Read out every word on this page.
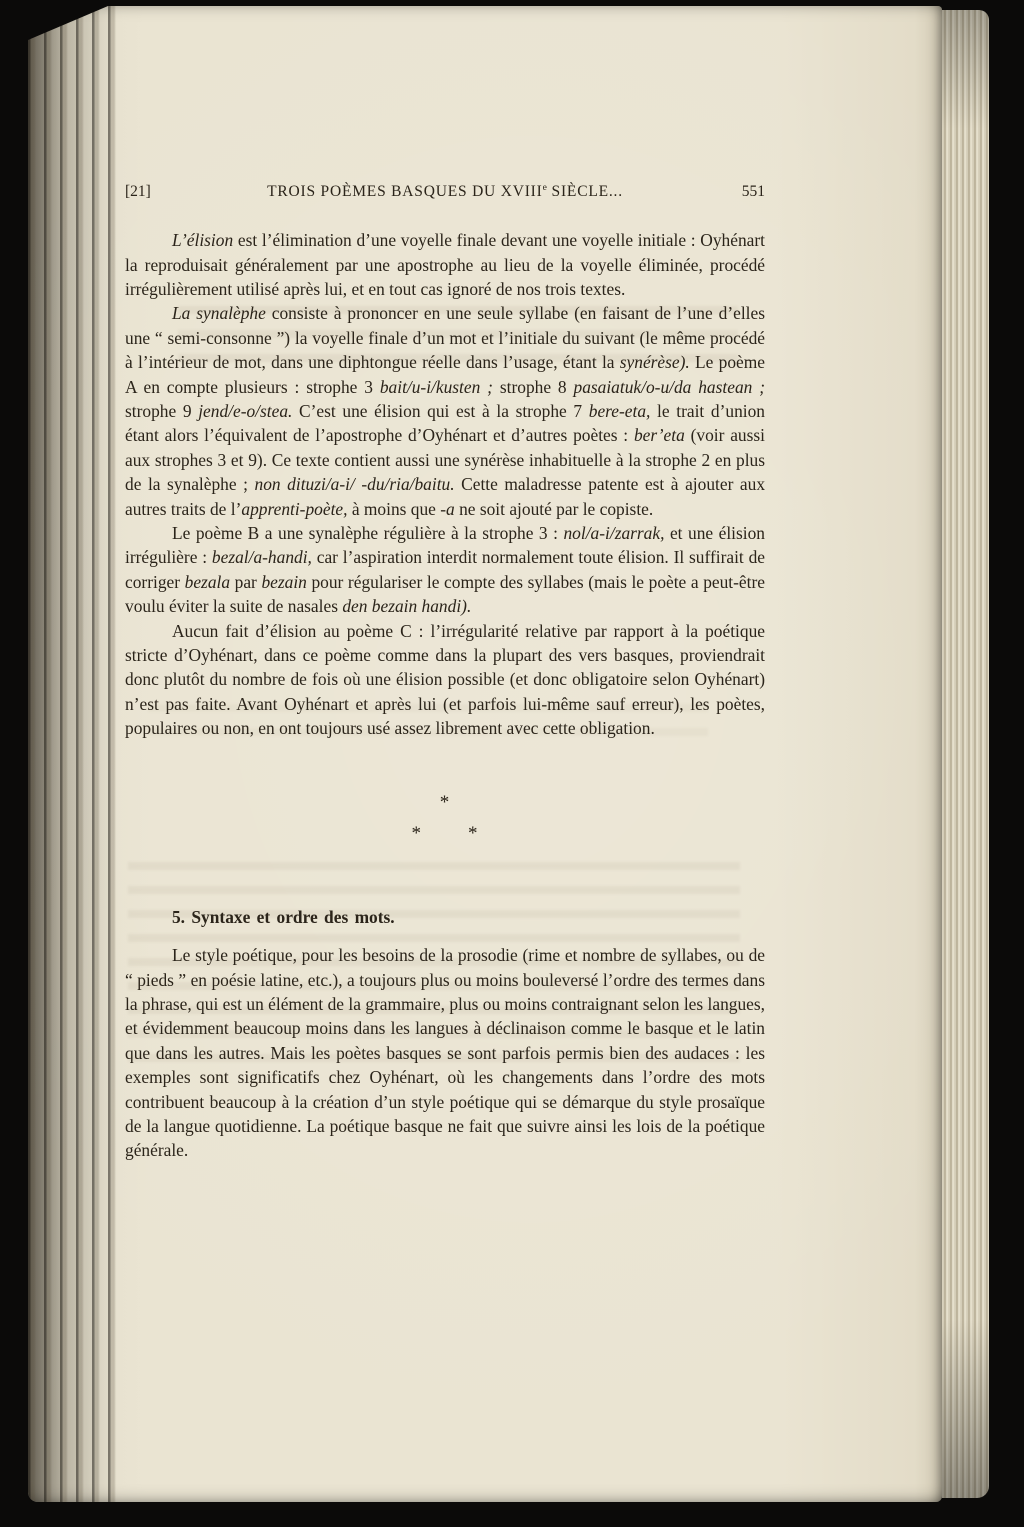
[21]	TROIS POÈMES BASQUES DU XVIIIe SIÈCLE...	551

L’élision est l’élimination d’une voyelle finale devant une voyelle initiale : Oyhénart la reproduisait généralement par une apostrophe au lieu de la voyelle éliminée, procédé irrégulièrement utilisé après lui, et en tout cas ignoré de nos trois textes.

La synalèphe consiste à prononcer en une seule syllabe (en faisant de l’une d’elles une “ semi-consonne ”) la voyelle finale d’un mot et l’initiale du suivant (le même procédé à l’intérieur de mot, dans une diphtongue réelle dans l’usage, étant la synérèse). Le poème A en compte plusieurs : strophe 3 bait/u-i/kusten ; strophe 8 pasaiatuk/o-u/da hastean ; strophe 9 jend/e-o/stea. C’est une élision qui est à la strophe 7 bere-eta, le trait d’union étant alors l’équivalent de l’apostrophe d’Oyhénart et d’autres poètes : ber’eta (voir aussi aux strophes 3 et 9). Ce texte contient aussi une synérèse inhabituelle à la strophe 2 en plus de la synalèphe ; non dituzi/a-i/ -du/ria/baitu. Cette maladresse patente est à ajouter aux autres traits de l’apprenti-poète, à moins que -a ne soit ajouté par le copiste.

Le poème B a une synalèphe régulière à la strophe 3 : nol/a-i/zarrak, et une élision irrégulière : bezal/a-handi, car l’aspiration interdit normalement toute élision. Il suffirait de corriger bezala par bezain pour régulariser le compte des syllabes (mais le poète a peut-être voulu éviter la suite de nasales den bezain handi).

Aucun fait d’élision au poème C : l’irrégularité relative par rapport à la poétique stricte d’Oyhénart, dans ce poème comme dans la plupart des vers basques, proviendrait donc plutôt du nombre de fois où une élision possible (et donc obligatoire selon Oyhénart) n’est pas faite. Avant Oyhénart et après lui (et parfois lui-même sauf erreur), les poètes, populaires ou non, en ont toujours usé assez librement avec cette obligation.

*
*        *
5. Syntaxe et ordre des mots.

Le style poétique, pour les besoins de la prosodie (rime et nombre de syllabes, ou de “ pieds ” en poésie latine, etc.), a toujours plus ou moins bouleversé l’ordre des termes dans la phrase, qui est un élément de la grammaire, plus ou moins contraignant selon les langues, et évidemment beaucoup moins dans les langues à déclinaison comme le basque et le latin que dans les autres. Mais les poètes basques se sont parfois permis bien des audaces : les exemples sont significatifs chez Oyhénart, où les changements dans l’ordre des mots contribuent beaucoup à la création d’un style poétique qui se démarque du style prosaïque de la langue quotidienne. La poétique basque ne fait que suivre ainsi les lois de la poétique générale.
